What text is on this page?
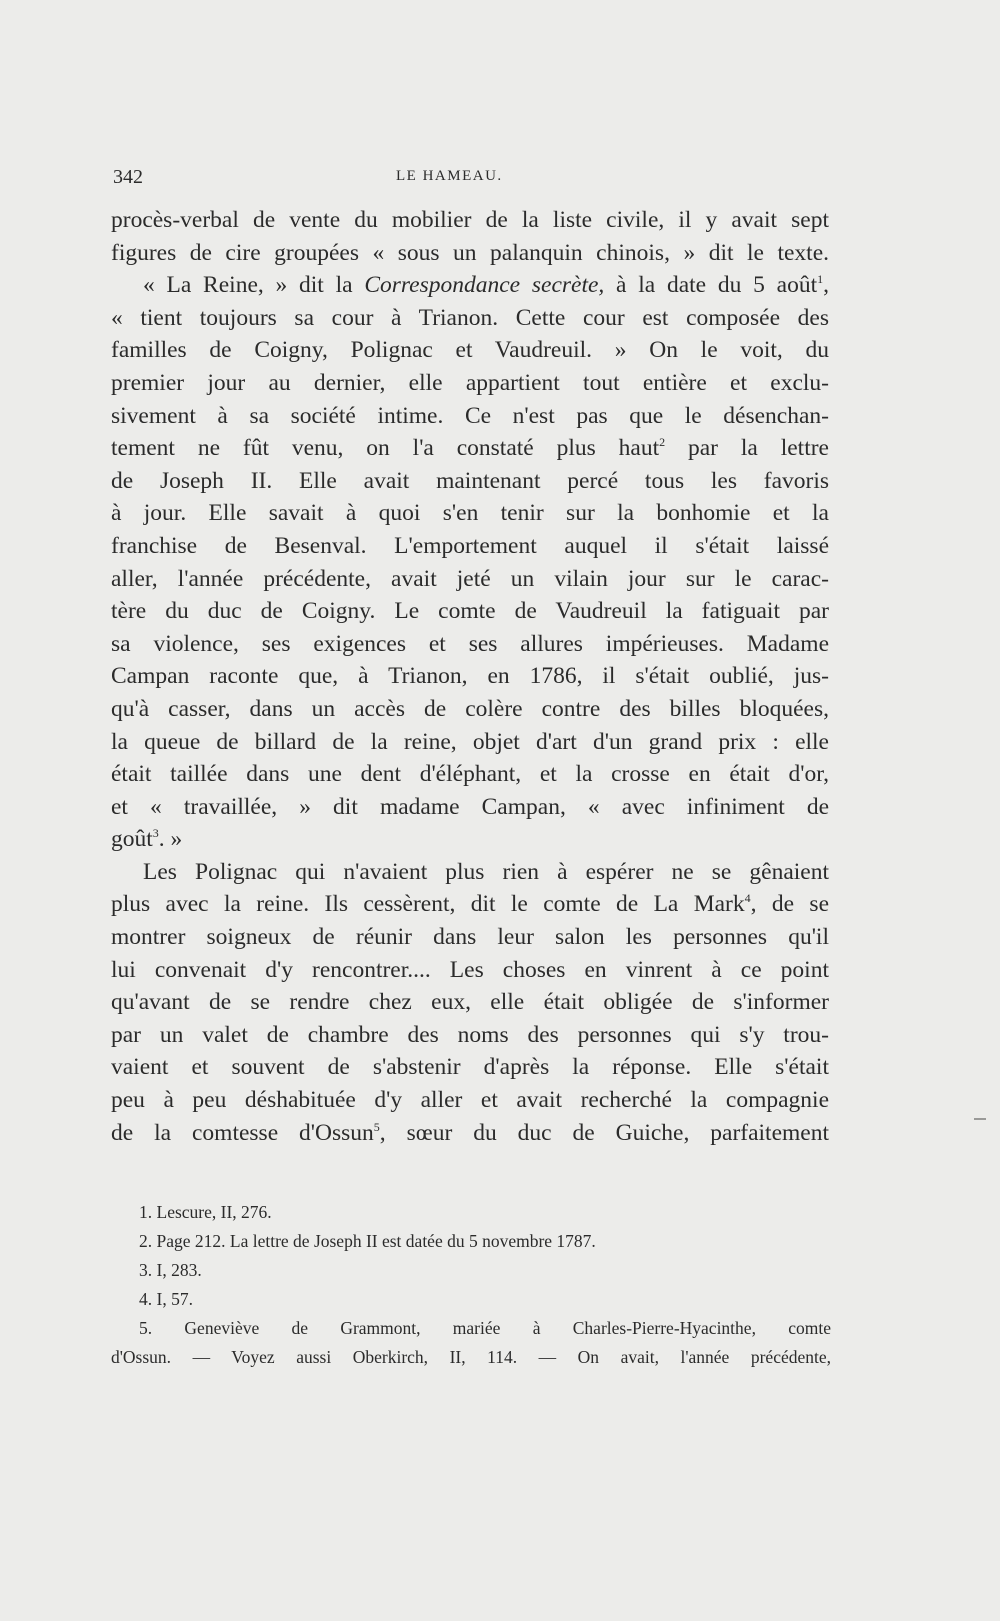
342	LE HAMEAU.
procès-verbal de vente du mobilier de la liste civile, il y avait sept
figures de cire groupées « sous un palanquin chinois, » dit le texte.
« La Reine, » dit la Correspondance secrète, à la date du 5 août$^1$,
« tient toujours sa cour à Trianon. Cette cour est composée des
familles de Coigny, Polignac et Vaudreuil. » On le voit, du
premier jour au dernier, elle appartient tout entière et exclu-
sivement à sa société intime. Ce n'est pas que le désenchan-
tement ne fût venu, on l'a constaté plus haut$^2$ par la lettre
de Joseph II. Elle avait maintenant percé tous les favoris
à jour. Elle savait à quoi s'en tenir sur la bonhomie et la
franchise de Besenval. L'emportement auquel il s'était laissé
aller, l'année précédente, avait jeté un vilain jour sur le carac-
tère du duc de Coigny. Le comte de Vaudreuil la fatiguait par
sa violence, ses exigences et ses allures impérieuses. Madame
Campan raconte que, à Trianon, en 1786, il s'était oublié, jus-
qu'à casser, dans un accès de colère contre des billes bloquées,
la queue de billard de la reine, objet d'art d'un grand prix : elle
était taillée dans une dent d'éléphant, et la crosse en était d'or,
et « travaillée, » dit madame Campan, « avec infiniment de
goût$^3$. »
Les Polignac qui n'avaient plus rien à espérer ne se gênaient
plus avec la reine. Ils cessèrent, dit le comte de La Mark$^4$, de se
montrer soigneux de réunir dans leur salon les personnes qu'il
lui convenait d'y rencontrer.... Les choses en vinrent à ce point
qu'avant de se rendre chez eux, elle était obligée de s'informer
par un valet de chambre des noms des personnes qui s'y trou-
vaient et souvent de s'abstenir d'après la réponse. Elle s'était
peu à peu déshabituée d'y aller et avait recherché la compagnie
de la comtesse d'Ossun$^5$, sœur du duc de Guiche, parfaitement
1. Lescure, II, 276.
2. Page 212. La lettre de Joseph II est datée du 5 novembre 1787.
3. I, 283.
4. I, 57.
5. Geneviève de Grammont, mariée à Charles-Pierre-Hyacinthe, comte
d'Ossun. — Voyez aussi Oberkirch, II, 114. — On avait, l'année précédente,
